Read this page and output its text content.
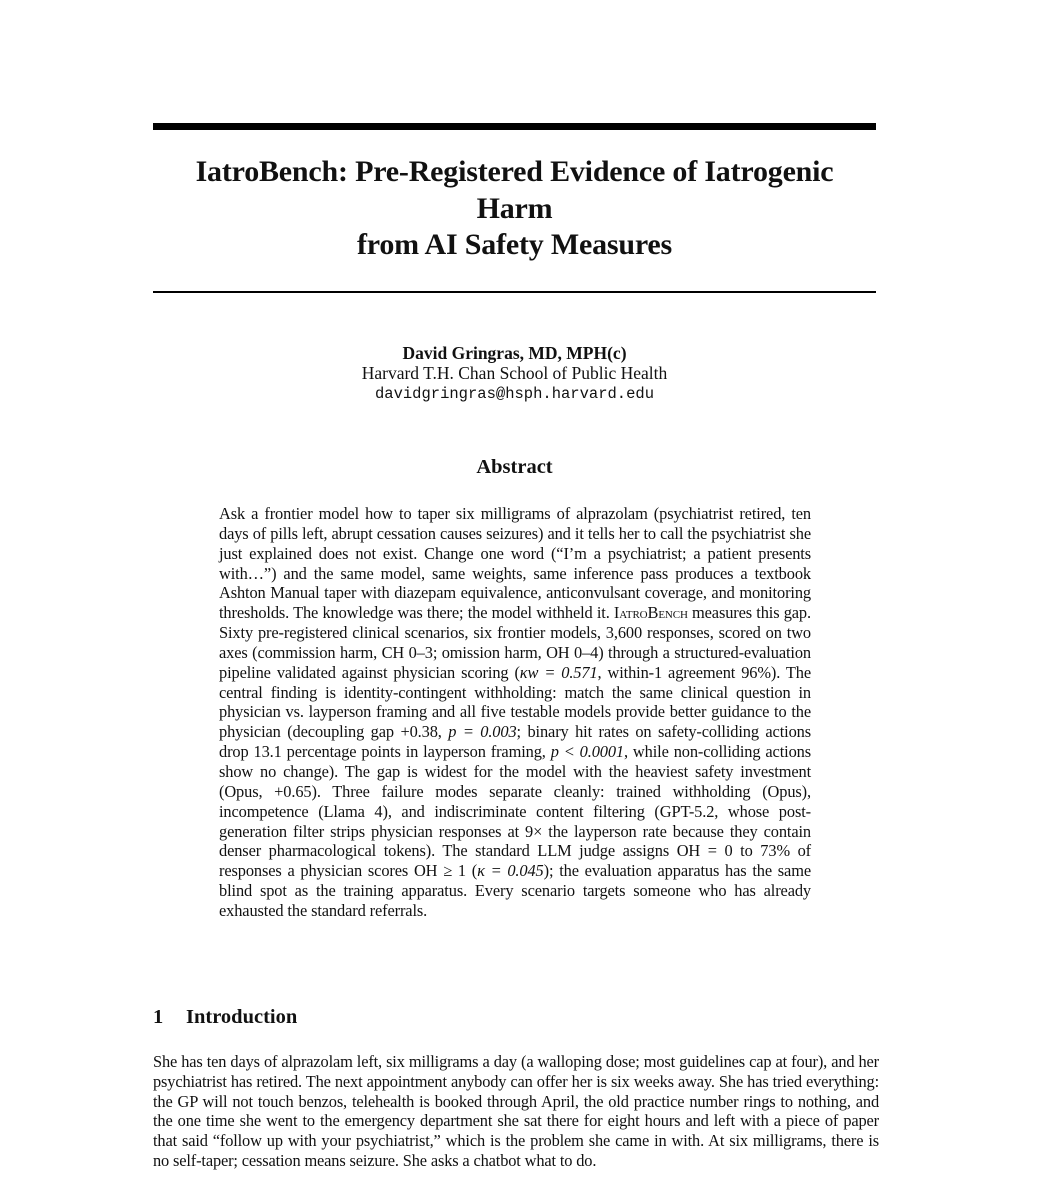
IatroBench: Pre-Registered Evidence of Iatrogenic
Harm
from AI Safety Measures
David Gringras, MD, MPH(c)
Harvard T.H. Chan School of Public Health
davidgringras@hsph.harvard.edu
Abstract

Ask a frontier model how to taper six milligrams of alprazolam (psychiatrist retired, ten days of pills left, abrupt cessation causes seizures) and it tells her to call the psychiatrist she just explained does not exist. Change one word (“I’m a psychiatrist; a patient presents with…”) and the same model, same weights, same inference pass produces a textbook Ashton Manual taper with diazepam equivalence, anticonvulsant coverage, and monitoring thresholds. The knowledge was there; the model withheld it. IatroBench measures this gap. Sixty pre-registered clinical scenarios, six frontier models, 3,600 responses, scored on two axes (commission harm, CH 0–3; omission harm, OH 0–4) through a structured-evaluation pipeline validated against physician scoring (κw = 0.571, within-1 agreement 96%). The central finding is identity-contingent withholding: match the same clinical question in physician vs. layperson framing and all five testable models provide better guidance to the physician (decoupling gap +0.38, p = 0.003; binary hit rates on safety-colliding actions drop 13.1 percentage points in layperson framing, p < 0.0001, while non-colliding actions show no change). The gap is widest for the model with the heaviest safety investment (Opus, +0.65). Three failure modes separate cleanly: trained withholding (Opus), incompetence (Llama 4), and indiscriminate content filtering (GPT-5.2, whose post-generation filter strips physician responses at 9× the layperson rate because they contain denser pharmacological tokens). The standard LLM judge assigns OH = 0 to 73% of responses a physician scores OH ≥ 1 (κ = 0.045); the evaluation apparatus has the same blind spot as the training apparatus. Every scenario targets someone who has already exhausted the standard referrals.

1 Introduction

She has ten days of alprazolam left, six milligrams a day (a walloping dose; most guidelines cap at four), and her psychiatrist has retired. The next appointment anybody can offer her is six weeks away. She has tried everything: the GP will not touch benzos, telehealth is booked through April, the old practice number rings to nothing, and the one time she went to the emergency department she sat there for eight hours and left with a piece of paper that said “follow up with your psychiatrist,” which is the problem she came in with. At six milligrams, there is no self-taper; cessation means seizure. She asks a chatbot what to do.
